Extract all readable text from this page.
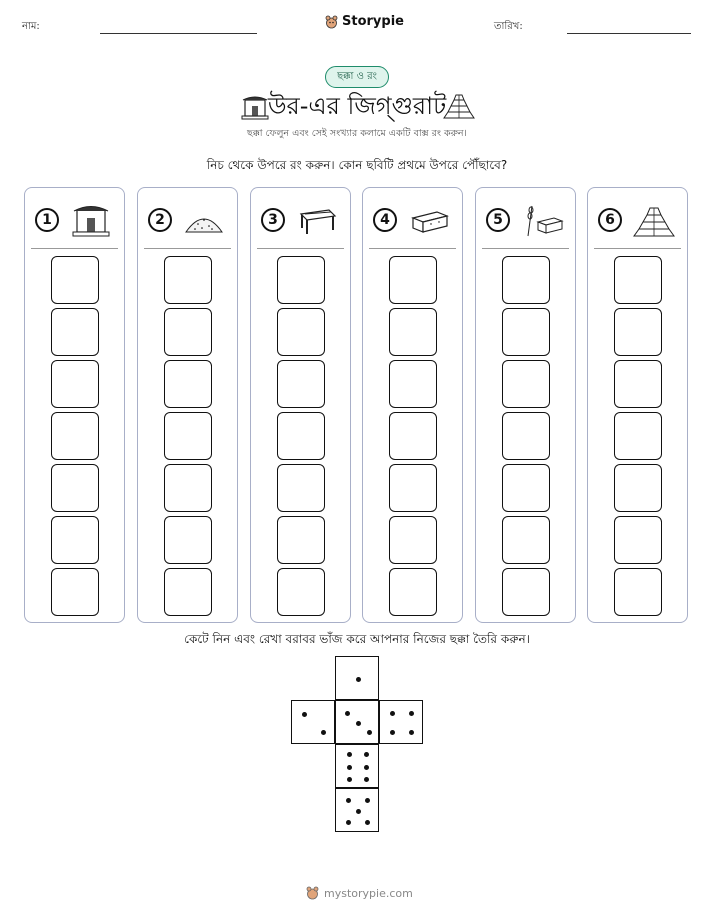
নাম:	Storypie	তারিখ:
ছক্কা ও রং
উর-এর জিগ্গুরাট
ছক্কা ফেলুন এবং সেই সংখ্যার কলামে একটি বাক্স রং করুন।
নিচ থেকে উপরে রং করুন। কোন ছবিটি প্রথমে উপরে পৌঁছাবে?
1	2	3	4	5	6
কেটে নিন এবং রেখা বরাবর ভাঁজ করে আপনার নিজের ছক্কা তৈরি করুন।
mystorypie.com
